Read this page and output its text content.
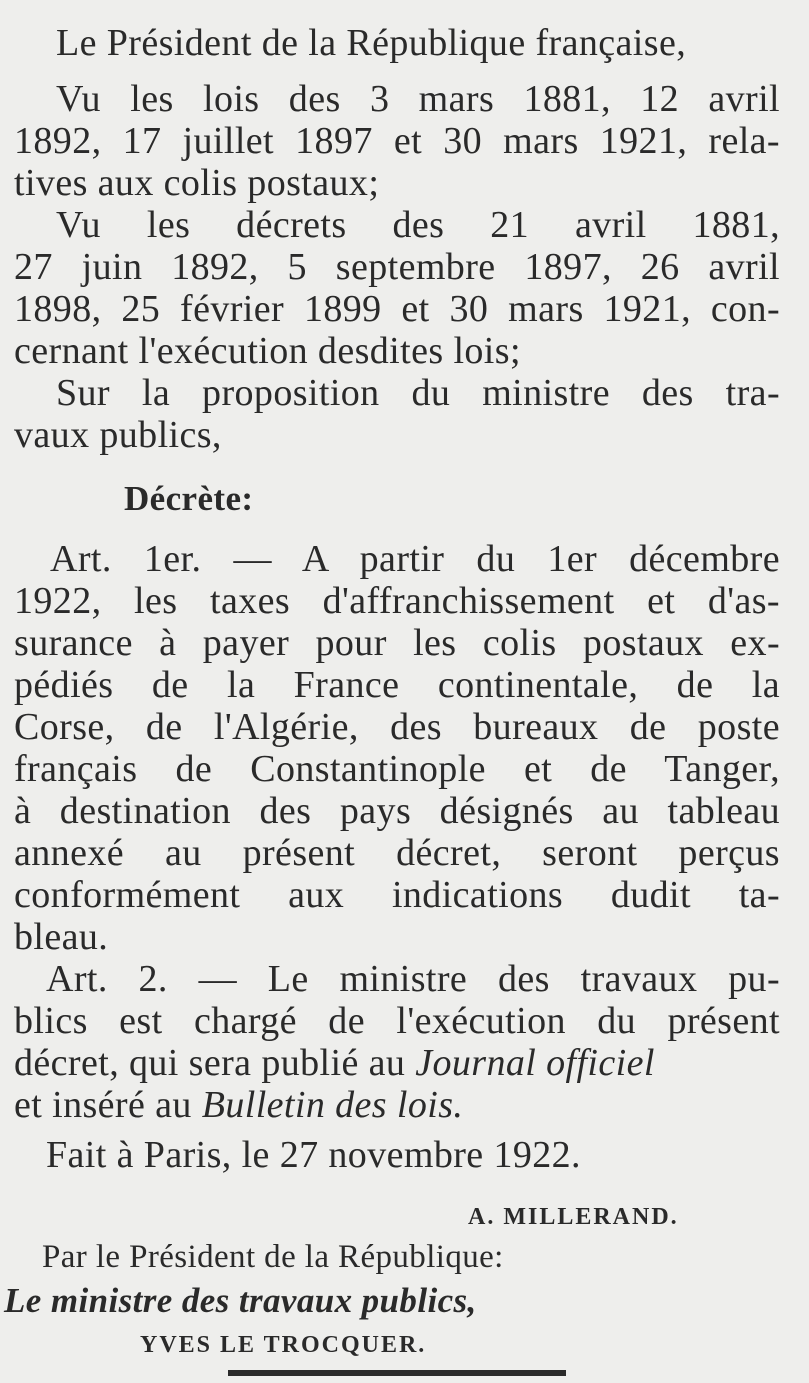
Le Président de la République française,
Vu les lois des 3 mars 1881, 12 avril
1892, 17 juillet 1897 et 30 mars 1921, rela-
tives aux colis postaux;
Vu les décrets des 21 avril 1881,
27 juin 1892, 5 septembre 1897, 26 avril
1898, 25 février 1899 et 30 mars 1921, con-
cernant l'exécution desdites lois;
Sur la proposition du ministre des tra-
vaux publics,
Décrète:
Art. 1er. — A partir du 1er décembre
1922, les taxes d'affranchissement et d'as-
surance à payer pour les colis postaux ex-
pédiés de la France continentale, de la
Corse, de l'Algérie, des bureaux de poste
français de Constantinople et de Tanger,
à destination des pays désignés au tableau
annexé au présent décret, seront perçus
conformément aux indications dudit ta-
bleau.
Art. 2. — Le ministre des travaux pu-
blics est chargé de l'exécution du présent
décret, qui sera publié au Journal officiel
et inséré au Bulletin des lois.
Fait à Paris, le 27 novembre 1922.
A. MILLERAND.
Par le Président de la République:
Le ministre des travaux publics,
YVES LE TROCQUER.
